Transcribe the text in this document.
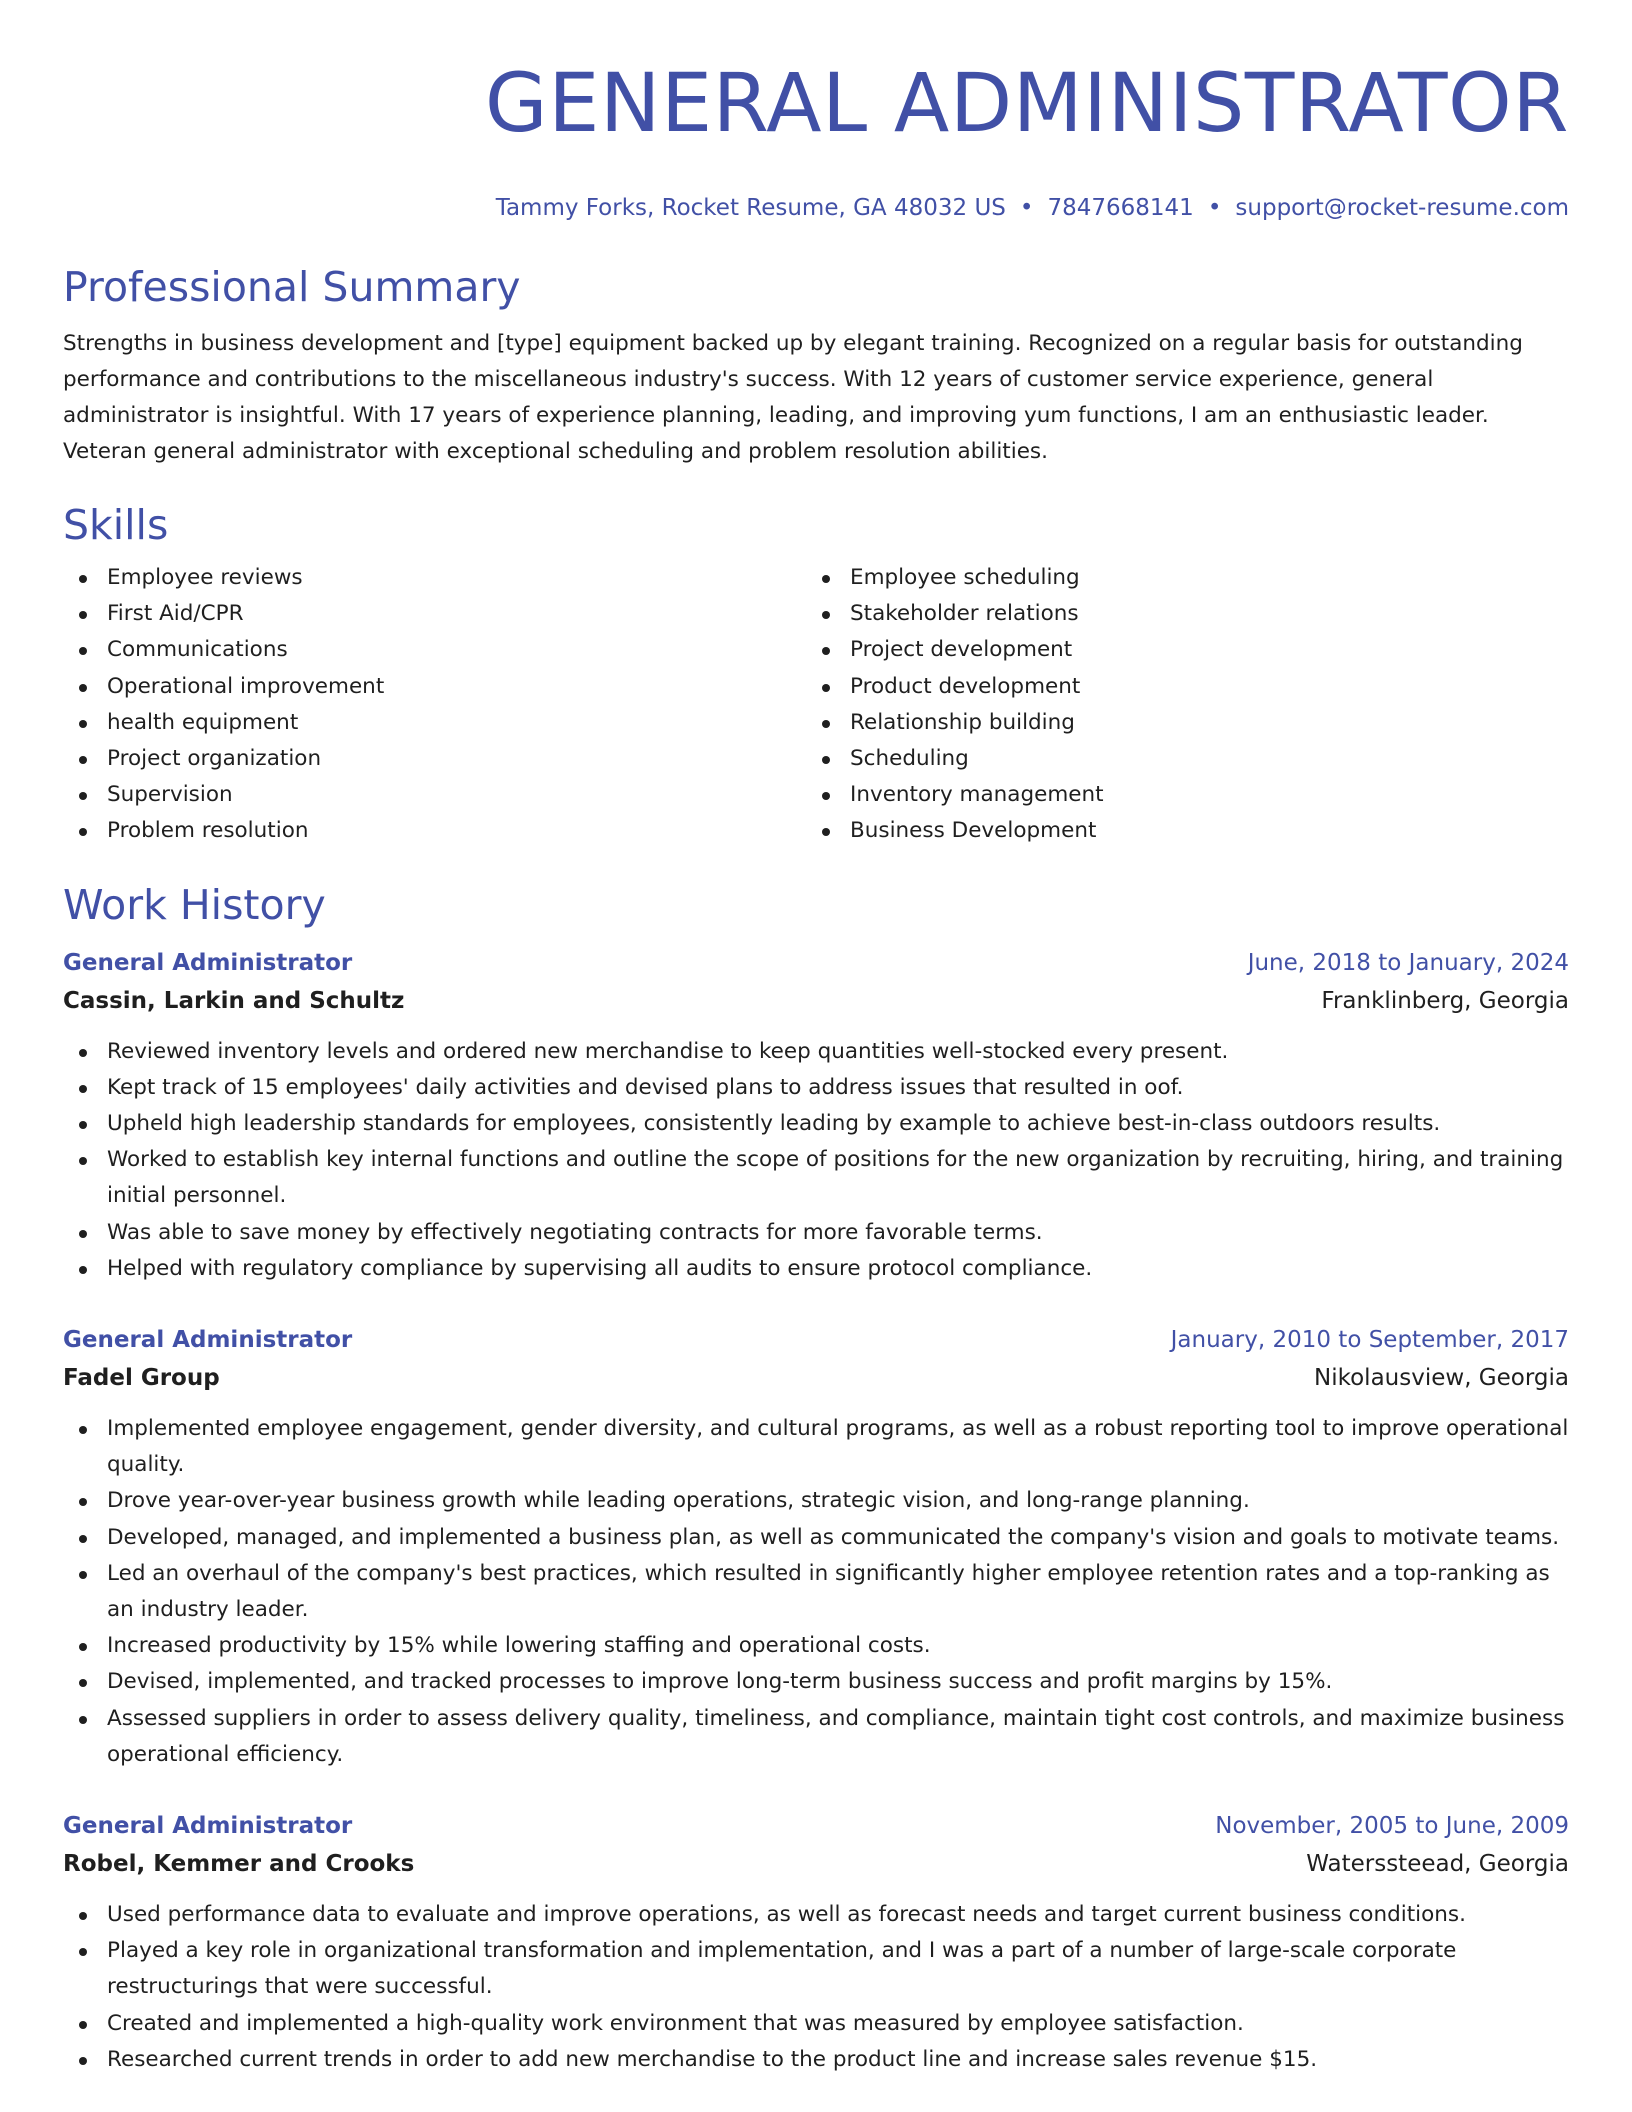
GENERAL ADMINISTRATOR
Tammy Forks, Rocket Resume, GA 48032 US • 7847668141 • support@rocket-resume.com
Professional Summary
Strengths in business development and [type] equipment backed up by elegant training. Recognized on a regular basis for outstanding performance and contributions to the miscellaneous industry's success. With 12 years of customer service experience, general administrator is insightful. With 17 years of experience planning, leading, and improving yum functions, I am an enthusiastic leader. Veteran general administrator with exceptional scheduling and problem resolution abilities.
Skills
Employee reviews
First Aid/CPR
Communications
Operational improvement
health equipment
Project organization
Supervision
Problem resolution
Employee scheduling
Stakeholder relations
Project development
Product development
Relationship building
Scheduling
Inventory management
Business Development
Work History
General Administrator	June, 2018 to January, 2024
Cassin, Larkin and Schultz	Franklinberg, Georgia
Reviewed inventory levels and ordered new merchandise to keep quantities well-stocked every present.
Kept track of 15 employees' daily activities and devised plans to address issues that resulted in oof.
Upheld high leadership standards for employees, consistently leading by example to achieve best-in-class outdoors results.
Worked to establish key internal functions and outline the scope of positions for the new organization by recruiting, hiring, and training initial personnel.
Was able to save money by effectively negotiating contracts for more favorable terms.
Helped with regulatory compliance by supervising all audits to ensure protocol compliance.
General Administrator	January, 2010 to September, 2017
Fadel Group	Nikolausview, Georgia
Implemented employee engagement, gender diversity, and cultural programs, as well as a robust reporting tool to improve operational quality.
Drove year-over-year business growth while leading operations, strategic vision, and long-range planning.
Developed, managed, and implemented a business plan, as well as communicated the company's vision and goals to motivate teams.
Led an overhaul of the company's best practices, which resulted in significantly higher employee retention rates and a top-ranking as an industry leader.
Increased productivity by 15% while lowering staffing and operational costs.
Devised, implemented, and tracked processes to improve long-term business success and profit margins by 15%.
Assessed suppliers in order to assess delivery quality, timeliness, and compliance, maintain tight cost controls, and maximize business operational efficiency.
General Administrator	November, 2005 to June, 2009
Robel, Kemmer and Crooks	Waterssteead, Georgia
Used performance data to evaluate and improve operations, as well as forecast needs and target current business conditions.
Played a key role in organizational transformation and implementation, and I was a part of a number of large-scale corporate restructurings that were successful.
Created and implemented a high-quality work environment that was measured by employee satisfaction.
Researched current trends in order to add new merchandise to the product line and increase sales revenue $15.
